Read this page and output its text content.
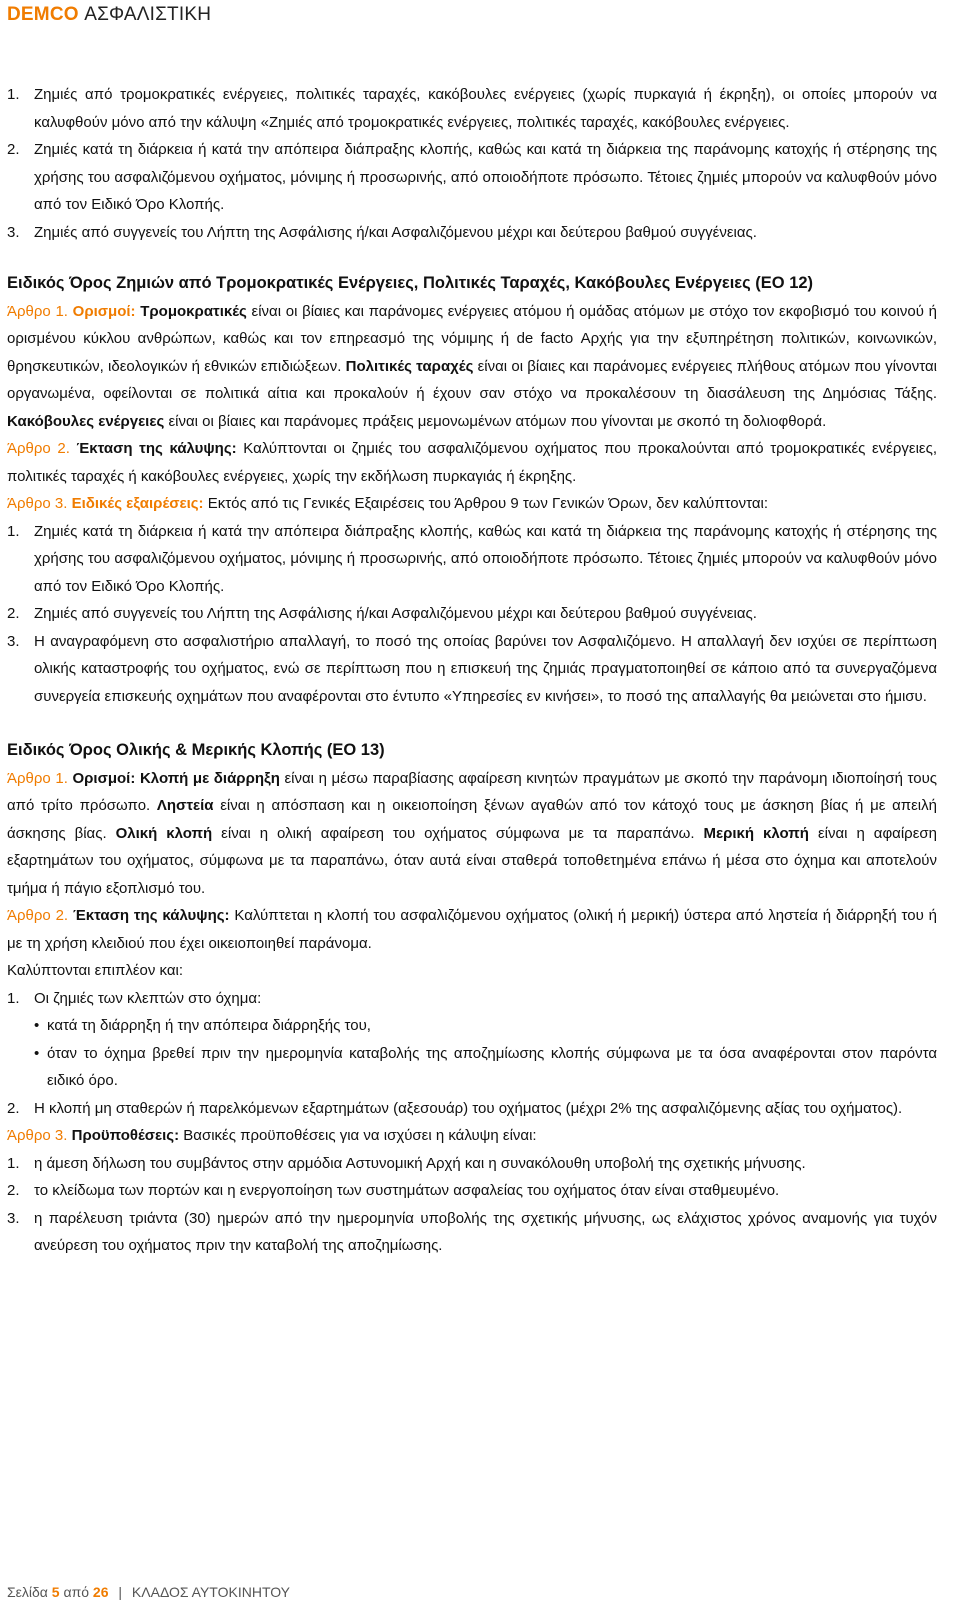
DEMCO ΑΣΦΑΛΙΣΤΙΚΗ
1. Ζημιές από τρομοκρατικές ενέργειες, πολιτικές ταραχές, κακόβουλες ενέργειες (χωρίς πυρκαγιά ή έκρηξη), οι οποίες μπορούν να καλυφθούν μόνο από την κάλυψη «Ζημιές από τρομοκρατικές ενέργειες, πολιτικές ταραχές, κακόβουλες ενέργειες.
2. Ζημιές κατά τη διάρκεια ή κατά την απόπειρα διάπραξης κλοπής, καθώς και κατά τη διάρκεια της παράνομης κατοχής ή στέρησης της χρήσης του ασφαλιζόμενου οχήματος, μόνιμης ή προσωρινής, από οποιοδήποτε πρόσωπο. Τέτοιες ζημιές μπορούν να καλυφθούν μόνο από τον Ειδικό Όρο Κλοπής.
3. Ζημιές από συγγενείς του Λήπτη της Ασφάλισης ή/και Ασφαλιζόμενου μέχρι και δεύτερου βαθμού συγγένειας.

Ειδικός Όρος Ζημιών από Τρομοκρατικές Ενέργειες, Πολιτικές Ταραχές, Κακόβουλες Ενέργειες (ΕΟ 12)

Άρθρο 1. Ορισμοί: Τρομοκρατικές είναι οι βίαιες και παράνομες ενέργειες ατόμου ή ομάδας ατόμων με στόχο τον εκφοβισμό του κοινού ή ορισμένου κύκλου ανθρώπων, καθώς και τον επηρεασμό της νόμιμης ή de facto Αρχής για την εξυπηρέτηση πολιτικών, κοινωνικών, θρησκευτικών, ιδεολογικών ή εθνικών επιδιώξεων. Πολιτικές ταραχές είναι οι βίαιες και παράνομες ενέργειες πλήθους ατόμων που γίνονται οργανωμένα, οφείλονται σε πολιτικά αίτια και προκαλούν ή έχουν σαν στόχο να προκαλέσουν τη διασάλευση της Δημόσιας Τάξης. Κακόβουλες ενέργειες είναι οι βίαιες και παράνομες πράξεις μεμονωμένων ατόμων που γίνονται με σκοπό τη δολιοφθορά.

Άρθρο 2. Έκταση της κάλυψης: Καλύπτονται οι ζημιές του ασφαλιζόμενου οχήματος που προκαλούνται από τρομοκρατικές ενέργειες, πολιτικές ταραχές ή κακόβουλες ενέργειες, χωρίς την εκδήλωση πυρκαγιάς ή έκρηξης.

Άρθρο 3. Ειδικές εξαιρέσεις: Εκτός από τις Γενικές Εξαιρέσεις του Άρθρου 9 των Γενικών Όρων, δεν καλύπτονται:

1. Ζημιές κατά τη διάρκεια ή κατά την απόπειρα διάπραξης κλοπής, καθώς και κατά τη διάρκεια της παράνομης κατοχής ή στέρησης της χρήσης του ασφαλιζόμενου οχήματος, μόνιμης ή προσωρινής, από οποιοδήποτε πρόσωπο. Τέτοιες ζημιές μπορούν να καλυφθούν μόνο από τον Ειδικό Όρο Κλοπής.
2. Ζημιές από συγγενείς του Λήπτη της Ασφάλισης ή/και Ασφαλιζόμενου μέχρι και δεύτερου βαθμού συγγένειας.
3. Η αναγραφόμενη στο ασφαλιστήριο απαλλαγή, το ποσό της οποίας βαρύνει τον Ασφαλιζόμενο. Η απαλλαγή δεν ισχύει σε περίπτωση ολικής καταστροφής του οχήματος, ενώ σε περίπτωση που η επισκευή της ζημιάς πραγματοποιηθεί σε κάποιο από τα συνεργαζόμενα συνεργεία επισκευής οχημάτων που αναφέρονται στο έντυπο «Υπηρεσίες εν κινήσει», το ποσό της απαλλαγής θα μειώνεται στο ήμισυ.

Ειδικός Όρος Ολικής & Μερικής Κλοπής (ΕΟ 13)

Άρθρο 1. Ορισμοί: Κλοπή με διάρρηξη είναι η μέσω παραβίασης αφαίρεση κινητών πραγμάτων με σκοπό την παράνομη ιδιοποίησή τους από τρίτο πρόσωπο. Ληστεία είναι η απόσπαση και η οικειοποίηση ξένων αγαθών από τον κάτοχό τους με άσκηση βίας ή με απειλή άσκησης βίας. Ολική κλοπή είναι η ολική αφαίρεση του οχήματος σύμφωνα με τα παραπάνω. Μερική κλοπή είναι η αφαίρεση εξαρτημάτων του οχήματος, σύμφωνα με τα παραπάνω, όταν αυτά είναι σταθερά τοποθετημένα επάνω ή μέσα στο όχημα και αποτελούν τμήμα ή πάγιο εξοπλισμό του.

Άρθρο 2. Έκταση της κάλυψης: Καλύπτεται η κλοπή του ασφαλιζόμενου οχήματος (ολική ή μερική) ύστερα από ληστεία ή διάρρηξή του ή με τη χρήση κλειδιού που έχει οικειοποιηθεί παράνομα.

Καλύπτονται επιπλέον και:

1. Οι ζημιές των κλεπτών στο όχημα:
• κατά τη διάρρηξη ή την απόπειρα διάρρηξής του,
• όταν το όχημα βρεθεί πριν την ημερομηνία καταβολής της αποζημίωσης κλοπής σύμφωνα με τα όσα αναφέρονται στον παρόντα ειδικό όρο.
2. Η κλοπή μη σταθερών ή παρελκόμενων εξαρτημάτων (αξεσουάρ) του οχήματος (μέχρι 2% της ασφαλιζόμενης αξίας του οχήματος).

Άρθρο 3. Προϋποθέσεις: Βασικές προϋποθέσεις για να ισχύσει η κάλυψη είναι:

1. η άμεση δήλωση του συμβάντος στην αρμόδια Αστυνομική Αρχή και η συνακόλουθη υποβολή της σχετικής μήνυσης.
2. το κλείδωμα των πορτών και η ενεργοποίηση των συστημάτων ασφαλείας του οχήματος όταν είναι σταθμευμένο.
3. η παρέλευση τριάντα (30) ημερών από την ημερομηνία υποβολής της σχετικής μήνυσης, ως ελάχιστος χρόνος αναμονής για τυχόν ανεύρεση του οχήματος πριν την καταβολή της αποζημίωσης.
Σελίδα 5 από 26 | ΚΛΑΔΟΣ ΑΥΤΟΚΙΝΗΤΟΥ
